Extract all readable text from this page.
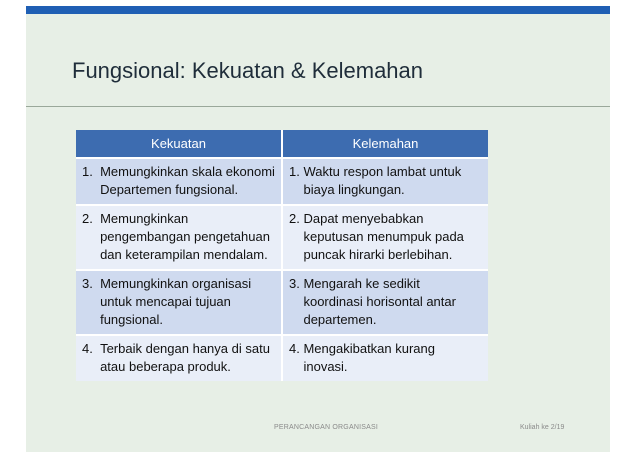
Fungsional: Kekuatan & Kelemahan
Kekuatan	Kelemahan

1. Memungkinkan skala ekonomi Departemen fungsional.	1. Waktu respon lambat untuk biaya lingkungan.

2. Memungkinkan pengembangan pengetahuan dan keterampilan mendalam.	2. Dapat menyebabkan keputusan menumpuk pada puncak hirarki berlebihan.

3. Memungkinkan organisasi untuk mencapai tujuan fungsional.	3. Mengarah ke sedikit koordinasi horisontal antar departemen.

4. Terbaik dengan hanya di satu atau beberapa produk.	4. Mengakibatkan kurang inovasi.
PERANCANGAN ORGANISASI	Kuliah ke 2/19
